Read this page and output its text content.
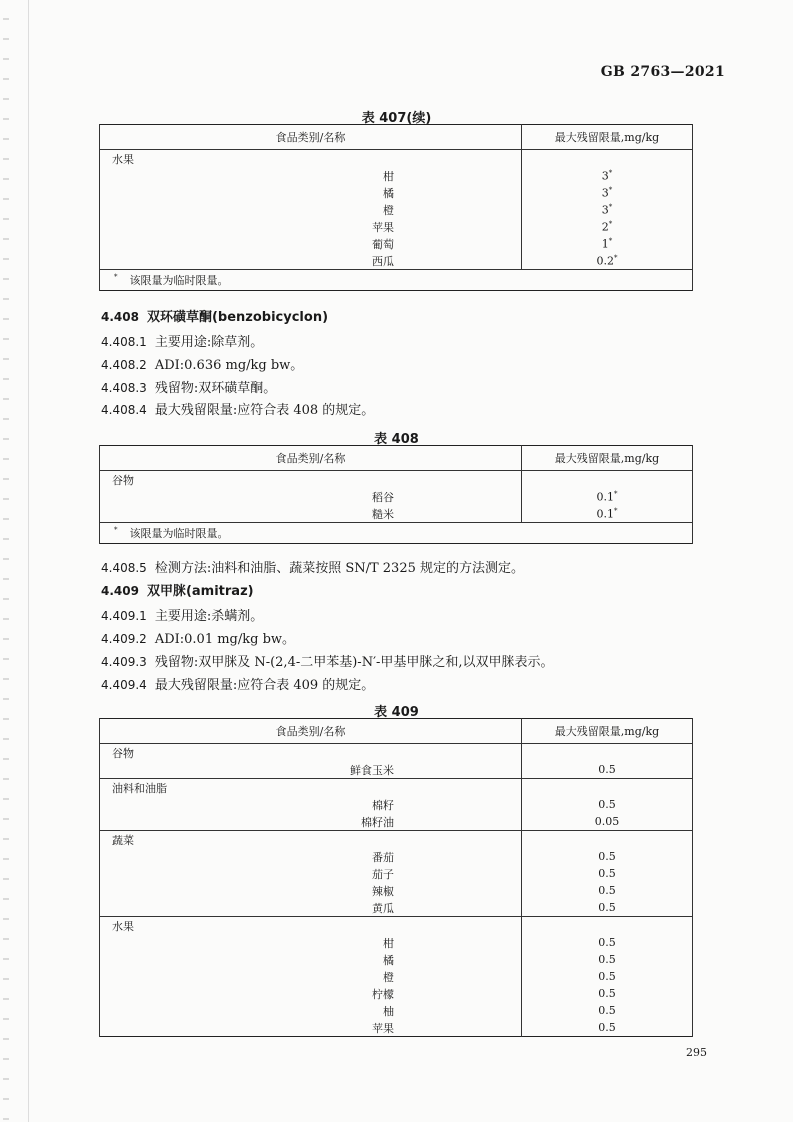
GB 2763—2021
表 407(续)
食品类别/名称	最大残留限量,mg/kg
水果	
柑	3*
橘	3*
橙	3*
苹果	2*
葡萄	1*
西瓜	0.2*
* 该限量为临时限量。	
4.408 双环磺草酮(benzobicyclon)
4.408.1 主要用途:除草剂。
4.408.2 ADI:0.636 mg/kg bw。
4.408.3 残留物:双环磺草酮。
4.408.4 最大残留限量:应符合表 408 的规定。
表 408
食品类别/名称	最大残留限量,mg/kg
谷物	
稻谷	0.1*
糙米	0.1*
* 该限量为临时限量。	
4.408.5 检测方法:油料和油脂、蔬菜按照 SN/T 2325 规定的方法测定。
4.409 双甲脒(amitraz)
4.409.1 主要用途:杀螨剂。
4.409.2 ADI:0.01 mg/kg bw。
4.409.3 残留物:双甲脒及 N-(2,4-二甲苯基)-N′-甲基甲脒之和,以双甲脒表示。
4.409.4 最大残留限量:应符合表 409 的规定。
表 409
食品类别/名称	最大残留限量,mg/kg
谷物	
鲜食玉米	0.5
油料和油脂	
棉籽	0.5
棉籽油	0.05
蔬菜	
番茄	0.5
茄子	0.5
辣椒	0.5
黄瓜	0.5
水果	
柑	0.5
橘	0.5
橙	0.5
柠檬	0.5
柚	0.5
苹果	0.5
295
